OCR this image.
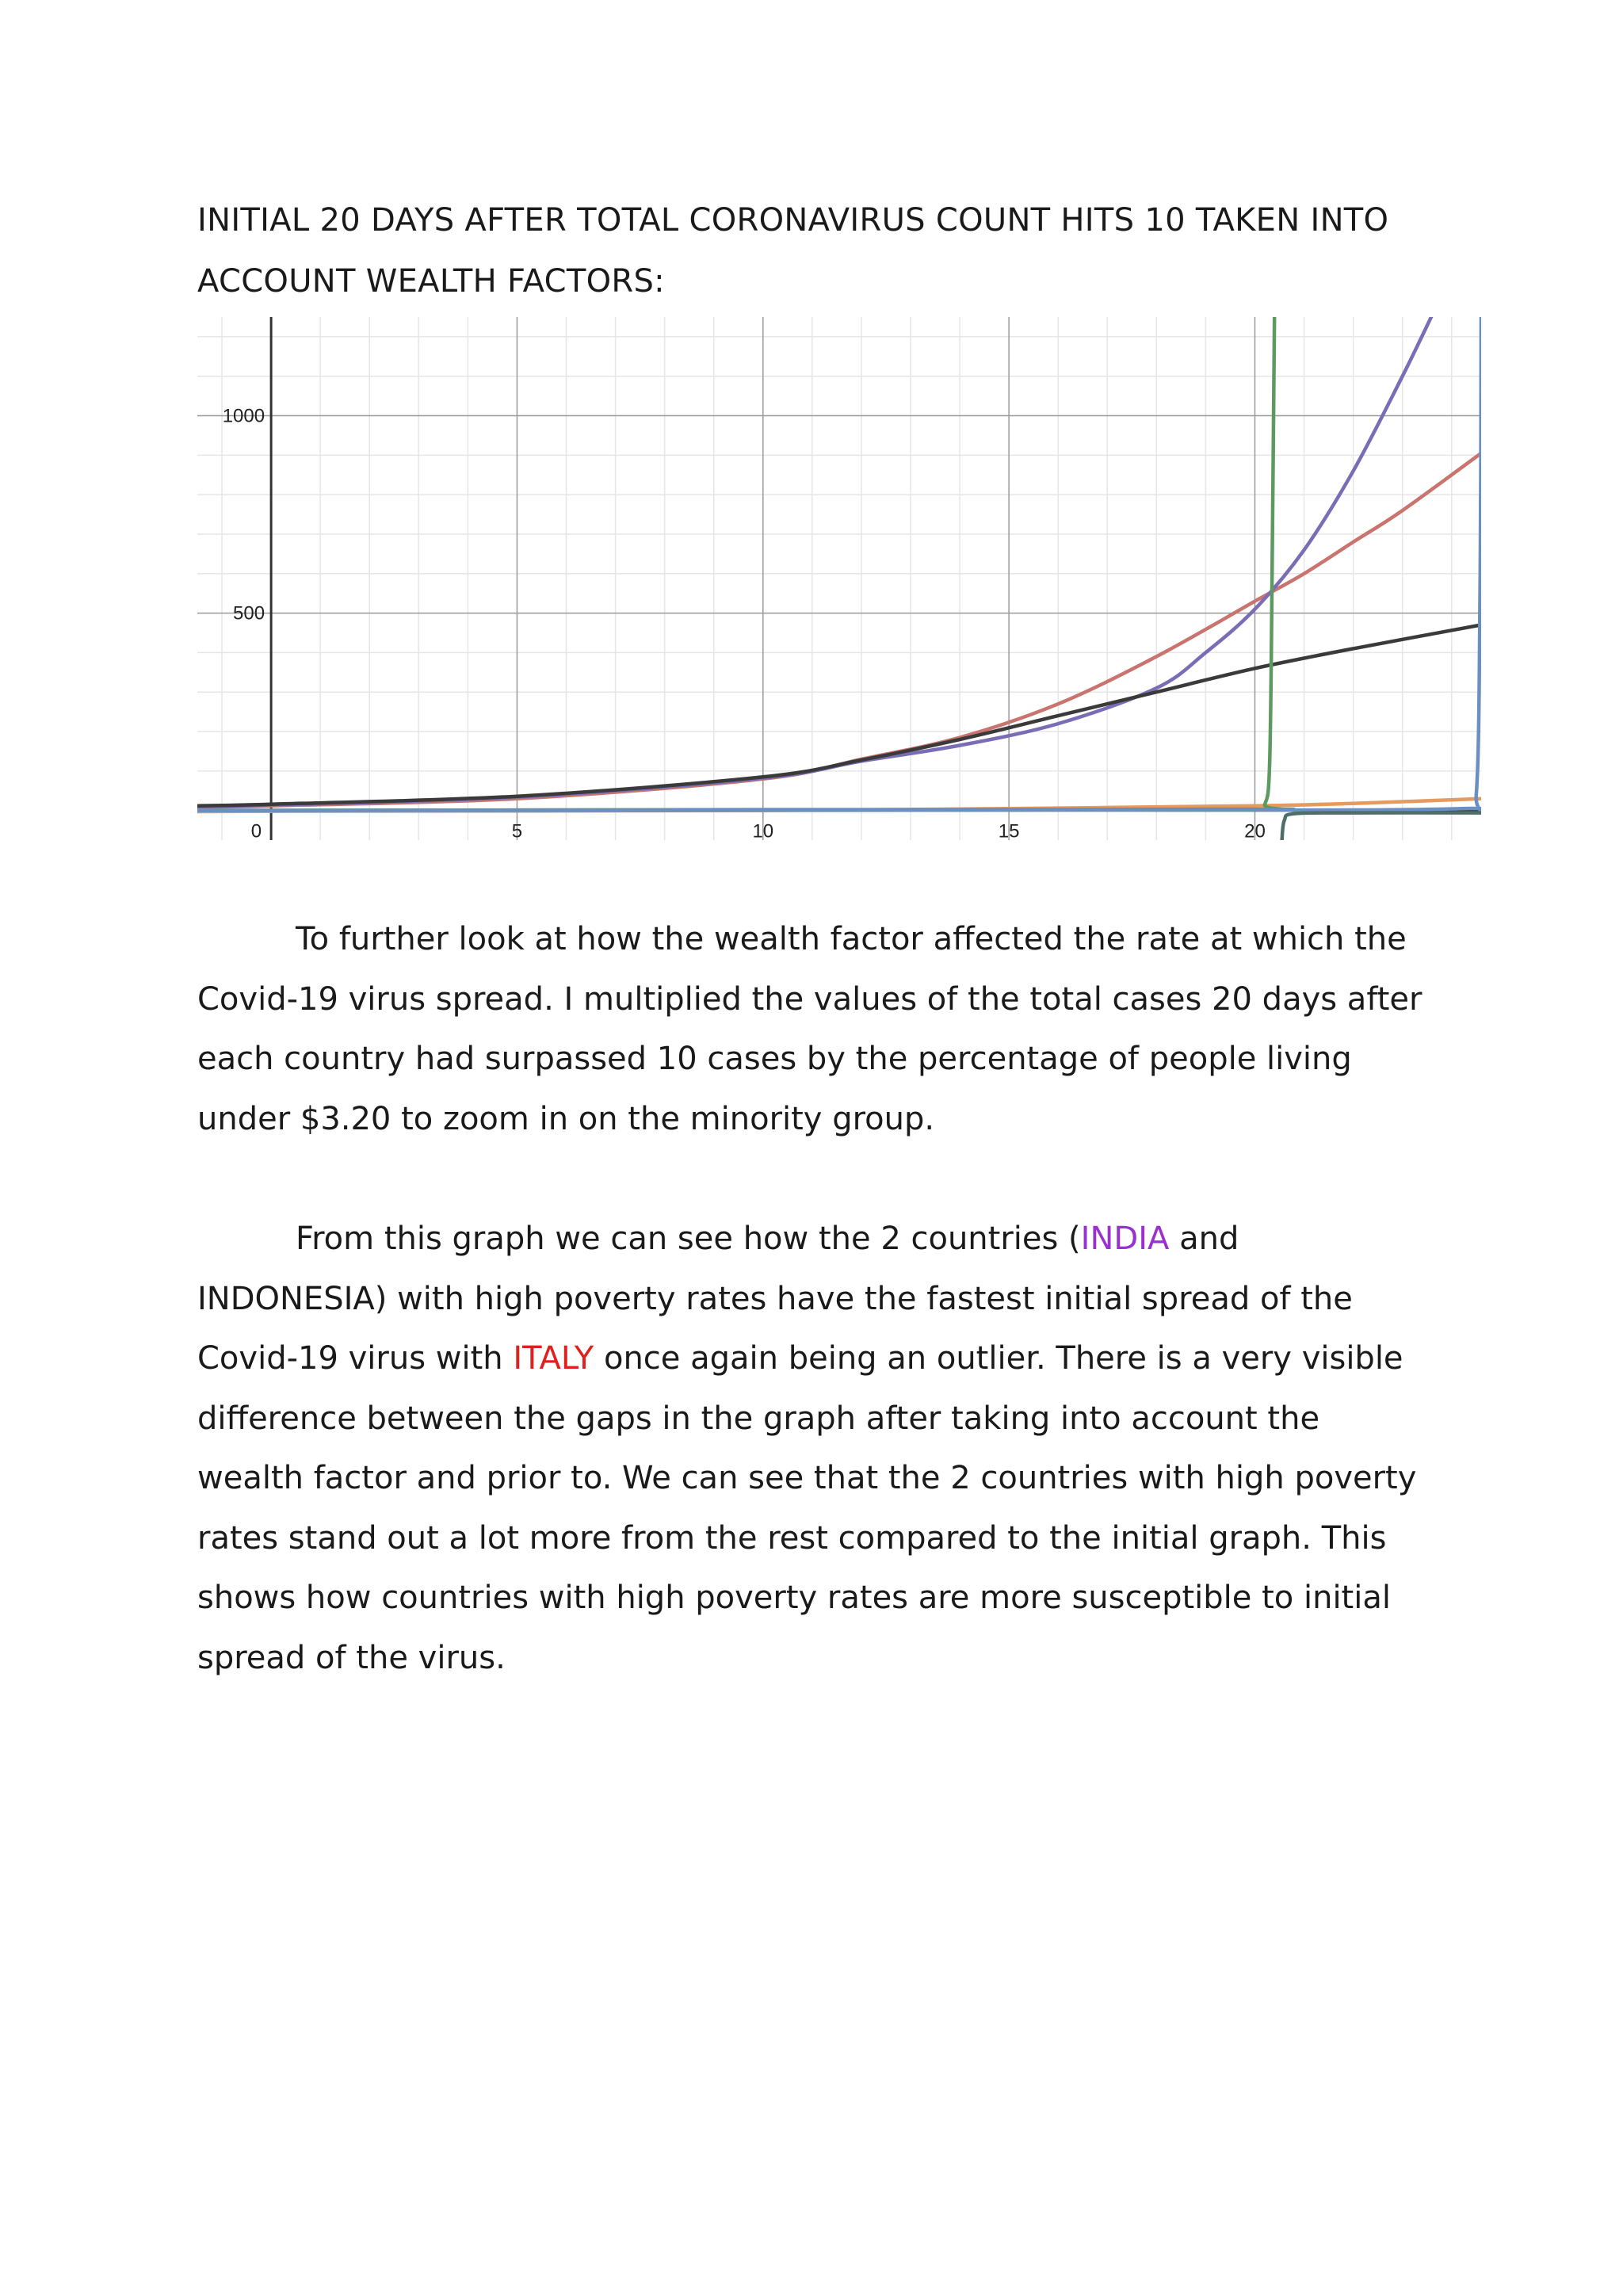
INITIAL 20 DAYS AFTER TOTAL CORONAVIRUS COUNT HITS 10 TAKEN INTO
ACCOUNT WEALTH FACTORS:
0	5	10	15	20
500
1000
To further look at how the wealth factor affected the rate at which the Covid-19 virus spread. I multiplied the values of the total cases 20 days after each country had surpassed 10 cases by the percentage of people living under $3.20 to zoom in on the minority group.
From this graph we can see how the 2 countries (INDIA and INDONESIA) with high poverty rates have the fastest initial spread of the Covid-19 virus with ITALY once again being an outlier. There is a very visible difference between the gaps in the graph after taking into account the wealth factor and prior to. We can see that the 2 countries with high poverty rates stand out a lot more from the rest compared to the initial graph. This shows how countries with high poverty rates are more susceptible to initial spread of the virus.
